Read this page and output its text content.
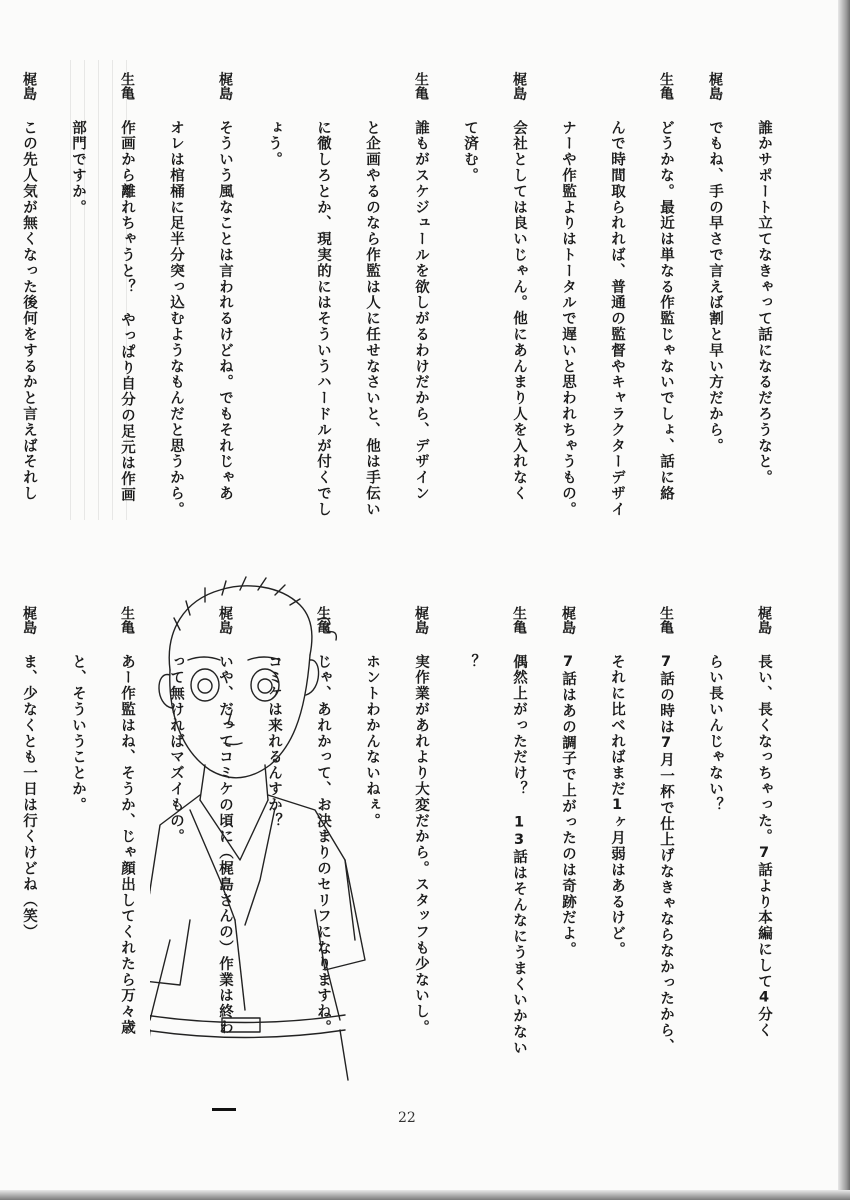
誰かサポート立てなきゃって話になるだろうなと。
梶島でもね、手の早さで言えば割と早い方だから。
生亀どうかな。最近は単なる作監じゃないでしょ、話に絡
んで時間取られれば、普通の監督やキャラクターデザイ
ナーや作監よりはトータルで遅いと思われちゃうもの。
梶島会社としては良いじゃん。他にあんまり人を入れなく
て済む。
生亀誰もがスケジュールを欲しがるわけだから、デザイン
と企画やるのなら作監は人に任せなさいと、他は手伝い
に徹しろとか、現実的にはそういうハードルが付くでし
ょう。
梶島そういう風なことは言われるけどね。でもそれじゃあ
オレは棺桶に足半分突っ込むようなもんだと思うから。
生亀作画から離れちゃうと？ やっぱり自分の足元は作画
部門ですか。
梶島この先人気が無くなった後何をするかと言えばそれし
梶島長い、長くなっちゃった。7話より本編にして4分く
らい長いんじゃない？
生亀7話の時は7月一杯で仕上げなきゃならなかったから、
それに比べればまだ1ヶ月弱はあるけど。
梶島7話はあの調子で上がったのは奇跡だよ。
生亀偶然上がっただけ？ 13話はそんなにうまくいかない
？
梶島実作業があれより大変だから。スタッフも少ないし。
ホントわかんないねぇ。
生亀じゃ、あれかって、お決まりのセリフになりますね。
コミケは来れるんすか？
梶島いや、だってコミケの頃に（梶島さんの）作業は終わ
って無ければマズイもの。
生亀あー作監はね、そうか、じゃ顔出してくれたら万々歳
と、そういうことか。
梶島ま、少なくとも一日は行くけどね（笑）
22
